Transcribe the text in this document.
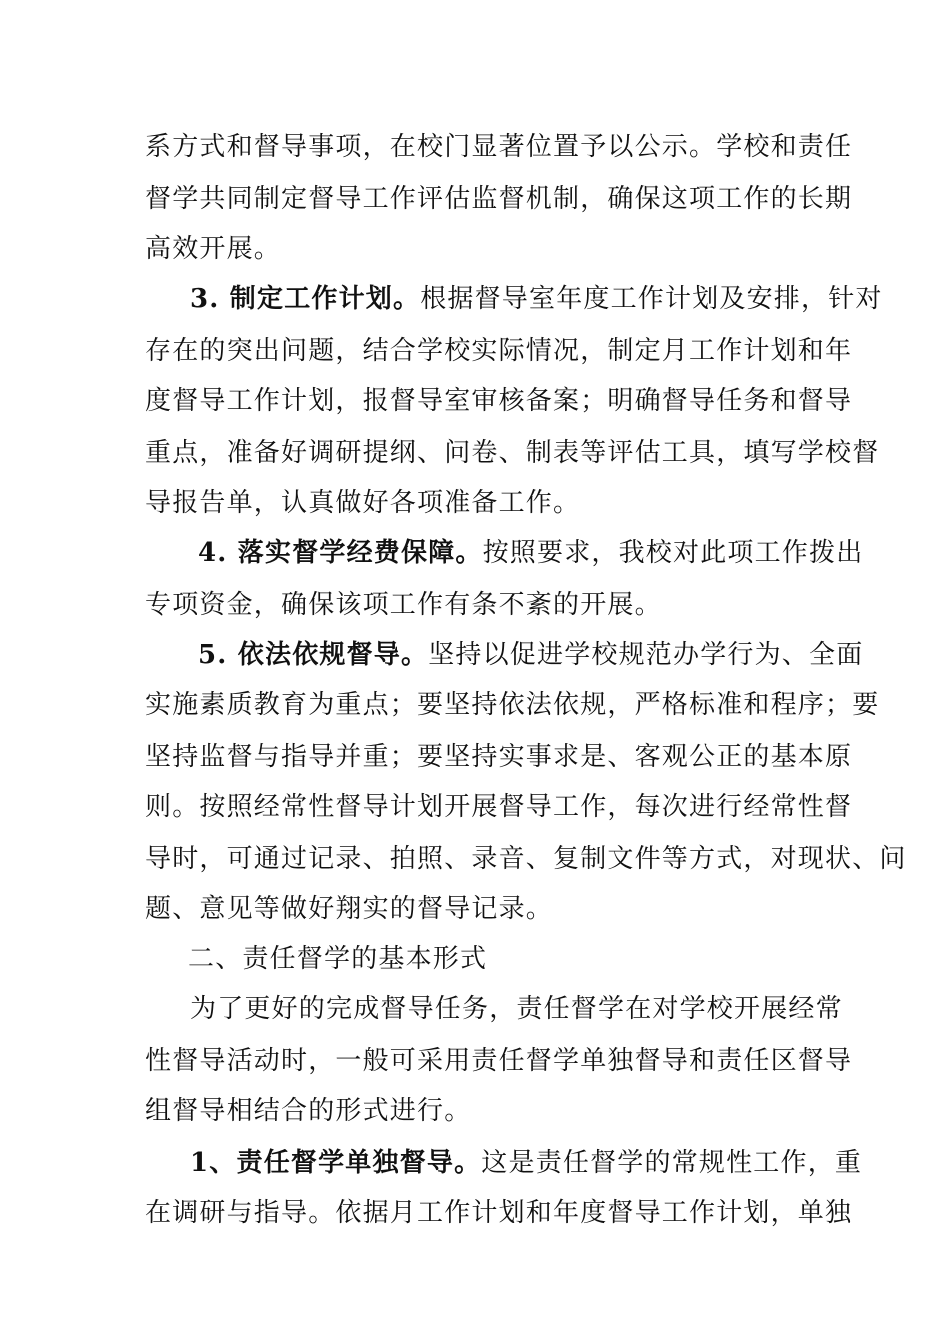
系方式和督导事项，在校门显著位置予以公示。学校和责任
督学共同制定督导工作评估监督机制，确保这项工作的长期
高效开展。
3. 制定工作计划。根据督导室年度工作计划及安排，针对
存在的突出问题，结合学校实际情况，制定月工作计划和年
度督导工作计划，报督导室审核备案；明确督导任务和督导
重点，准备好调研提纲、问卷、制表等评估工具，填写学校督
导报告单，认真做好各项准备工作。
4. 落实督学经费保障。按照要求，我校对此项工作拨出
专项资金，确保该项工作有条不紊的开展。
5. 依法依规督导。坚持以促进学校规范办学行为、全面
实施素质教育为重点；要坚持依法依规，严格标准和程序；要
坚持监督与指导并重；要坚持实事求是、客观公正的基本原
则。按照经常性督导计划开展督导工作，每次进行经常性督
导时，可通过记录、拍照、录音、复制文件等方式，对现状、问
题、意见等做好翔实的督导记录。
二、责任督学的基本形式
为了更好的完成督导任务，责任督学在对学校开展经常
性督导活动时，一般可采用责任督学单独督导和责任区督导
组督导相结合的形式进行。
1、责任督学单独督导。这是责任督学的常规性工作，重
在调研与指导。依据月工作计划和年度督导工作计划，单独
